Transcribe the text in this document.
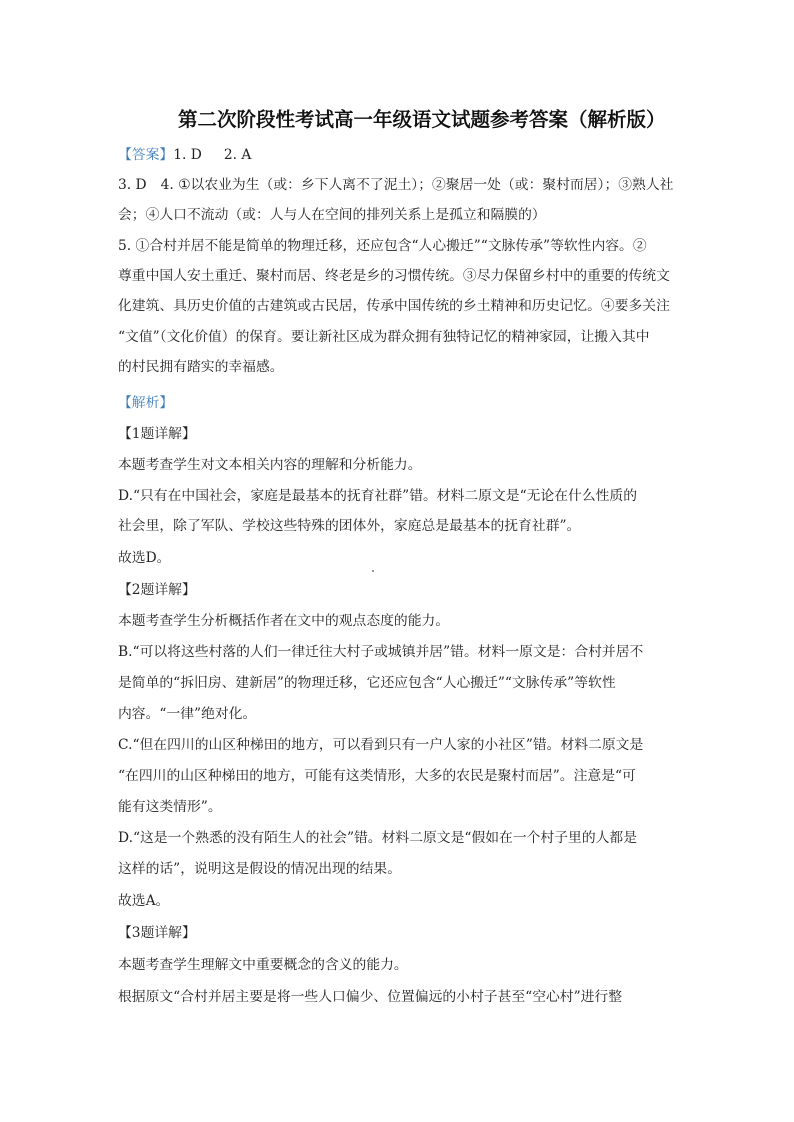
第二次阶段性考试高一年级语文试题参考答案（解析版）
【答案】1. D 2. A
3. D 4. ①以农业为生（或：乡下人离不了泥土）；②聚居一处（或：聚村而居）；③熟人社
会；④人口不流动（或：人与人在空间的排列关系上是孤立和隔膜的）
5. ①合村并居不能是简单的物理迁移，还应包含“人心搬迁”“文脉传承”等软性内容。②
尊重中国人安土重迁、聚村而居、终老是乡的习惯传统。③尽力保留乡村中的重要的传统文
化建筑、具历史价值的古建筑或古民居，传承中国传统的乡土精神和历史记忆。④要多关注
“文值”（文化价值）的保育。要让新社区成为群众拥有独特记忆的精神家园，让搬入其中
的村民拥有踏实的幸福感。
【解析】
【1题详解】
本题考查学生对文本相关内容的理解和分析能力。
D.“只有在中国社会，家庭是最基本的抚育社群”错。材料二原文是“无论在什么性质的
社会里，除了军队、学校这些特殊的团体外，家庭总是最基本的抚育社群”。
故选D。
【2题详解】
本题考查学生分析概括作者在文中的观点态度的能力。
B.“可以将这些村落的人们一律迁往大村子或城镇并居”错。材料一原文是：合村并居不
是简单的“拆旧房、建新居”的物理迁移，它还应包含“人心搬迁”“文脉传承”等软性
内容。“一律”绝对化。
C.“但在四川的山区种梯田的地方，可以看到只有一户人家的小社区”错。材料二原文是
“在四川的山区种梯田的地方，可能有这类情形，大多的农民是聚村而居”。注意是“可
能有这类情形”。
D.“这是一个熟悉的没有陌生人的社会”错。材料二原文是“假如在一个村子里的人都是
这样的话”，说明这是假设的情况出现的结果。
故选A。
【3题详解】
本题考查学生理解文中重要概念的含义的能力。
根据原文“合村并居主要是将一些人口偏少、位置偏远的小村子甚至“空心村”进行整
